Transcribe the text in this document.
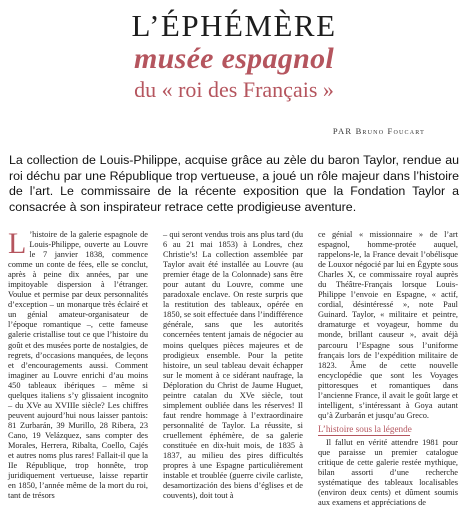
L’ÉPHÉMÈRE
musée espagnol
du « roi des Français »
PAR Bruno Foucart
La collection de Louis-Philippe, acquise grâce au zèle du baron Taylor, rendue au roi déchu par une République trop vertueuse, a joué un rôle majeur dans l’histoire de l’art. Le commissaire de la récente exposition que la Fondation Taylor a consacrée à son inspirateur retrace cette prodigieuse aventure.

L ’histoire de la galerie espagnole de Louis-Philippe, ouverte au Louvre le 7 janvier 1838, commence comme un conte de fées, elle se conclut, après à peine dix années, par une impitoyable dispersion à l’étranger. Voulue et permise par deux personnalités d’exception – un monarque très éclairé et un génial amateur-organisateur de l’époque romantique –, cette fameuse galerie cristallise tout ce que l’histoire du goût et des musées porte de nostalgies, de regrets, d’occasions manquées, de leçons et d’encouragements aussi. Comment imaginer au Louvre enrichi d’au moins 450 tableaux ibériques – même si quelques italiens s’y glissaient incognito – du XVe au XVIIIe siècle? Les chiffres peuvent aujourd’hui nous laisser pantois: 81 Zurbarán, 39 Murillo, 28 Ribera, 23 Cano, 19 Velázquez, sans compter des Morales, Herrera, Ribalta, Coello, Cajés et autres noms plus rares! Fallait-il que la IIe République, trop honnête, trop juridiquement vertueuse, laisse repartir en 1850, l’année même de la mort du roi, tant de trésors

– qui seront vendus trois ans plus tard (du 6 au 21 mai 1853) à Londres, chez Christie’s! La collection assemblée par Taylor avait été installée au Louvre (au premier étage de la Colonnade) sans être pour autant du Louvre, comme une paradoxale enclave. On reste surpris que la restitution des tableaux, opérée en 1850, se soit effectuée dans l’indifférence générale, sans que les autorités concernées tentent jamais de négocier au moins quelques pièces majeures et de prodigieux ensemble. Pour la petite histoire, un seul tableau devait échapper sur le moment à ce sidérant naufrage, la Déploration du Christ de Jaume Huguet, peintre catalan du XVe siècle, tout simplement oubliée dans les réserves! Il faut rendre hommage à l’extraordinaire personnalité de Taylor. La réussite, si cruellement éphémère, de sa galerie constituée en dix-huit mois, de 1835 à 1837, au milieu des pires difficultés propres à une Espagne particulièrement instable et troublée (guerre civile carliste, desamortización des biens d’églises et de couvents), doit tout à

ce génial « missionnaire » de l’art espagnol, homme-protée auquel, rappelons-le, la France devait l’obélisque de Louxor négocié par lui en Égypte sous Charles X, ce commissaire royal auprès du Théâtre-Français lorsque Louis-Philippe l’envoie en Espagne, « actif, cordial, désintéressé », note Paul Guinard. Taylor, « militaire et peintre, dramaturge et voyageur, homme du monde, brillant causeur », avait déjà parcouru l’Espagne sous l’uniforme français lors de l’expédition militaire de 1823. Âme de cette nouvelle encyclopédie que sont les Voyages pittoresques et romantiques dans l’ancienne France, il avait le goût large et intelligent, s’intéressant à Goya autant qu’à Zurbarán et jusqu’au Greco.

L’histoire sous la légende

Il fallut en vérité attendre 1981 pour que paraisse un premier catalogue critique de cette galerie restée mythique, bilan assorti d’une recherche systématique des tableaux localisables (environ deux cents) et dûment soumis aux examens et appréciations de
